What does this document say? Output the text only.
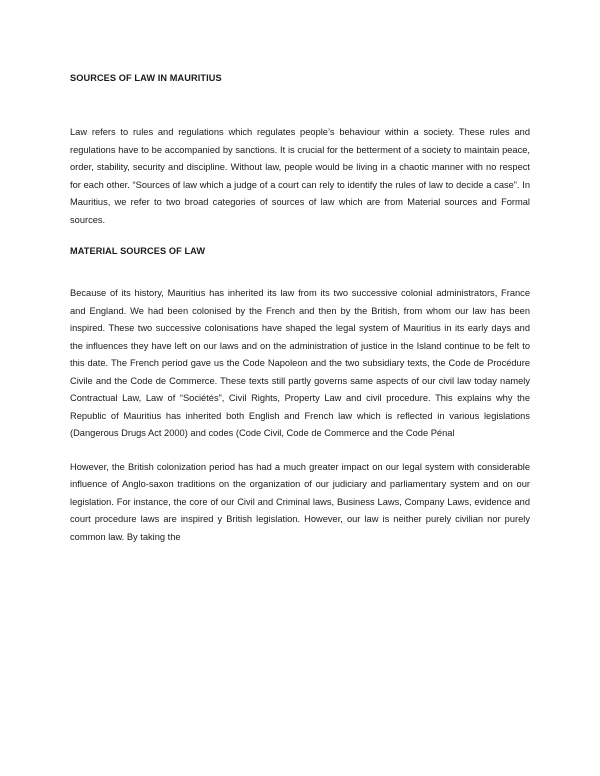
SOURCES OF LAW IN MAURITIUS

Law refers to rules and regulations which regulates people’s behaviour within a society. These rules and regulations have to be accompanied by sanctions. It is crucial for the betterment of a society to maintain peace, order, stability, security and discipline. Without law, people would be living in a chaotic manner with no respect for each other. “Sources of law which a judge of a court can rely to identify the rules of law to decide a case”. In Mauritius, we refer to two broad categories of sources of law which are from Material sources and Formal sources.

MATERIAL SOURCES OF LAW

Because of its history, Mauritius has inherited its law from its two successive colonial administrators, France and England. We had been colonised by the French and then by the British, from whom our law has been inspired. These two successive colonisations have shaped the legal system of Mauritius in its early days and the influences they have left on our laws and on the administration of justice in the Island continue to be felt to this date. The French period gave us the Code Napoleon and the two subsidiary texts, the Code de Procédure Civile and the Code de Commerce. These texts still partly governs same aspects of our civil law today namely Contractual Law, Law of “Sociétés”, Civil Rights, Property Law and civil procedure. This explains why the Republic of Mauritius has inherited both English and French law which is reflected in various legislations (Dangerous Drugs Act 2000) and codes (Code Civil, Code de Commerce and the Code Pénal

However, the British colonization period has had a much greater impact on our legal system with considerable influence of Anglo-saxon traditions on the organization of our judiciary and parliamentary system and on our legislation. For instance, the core of our Civil and Criminal laws, Business Laws, Company Laws, evidence and court procedure laws are inspired y British legislation. However, our law is neither purely civilian nor purely common law. By taking the
